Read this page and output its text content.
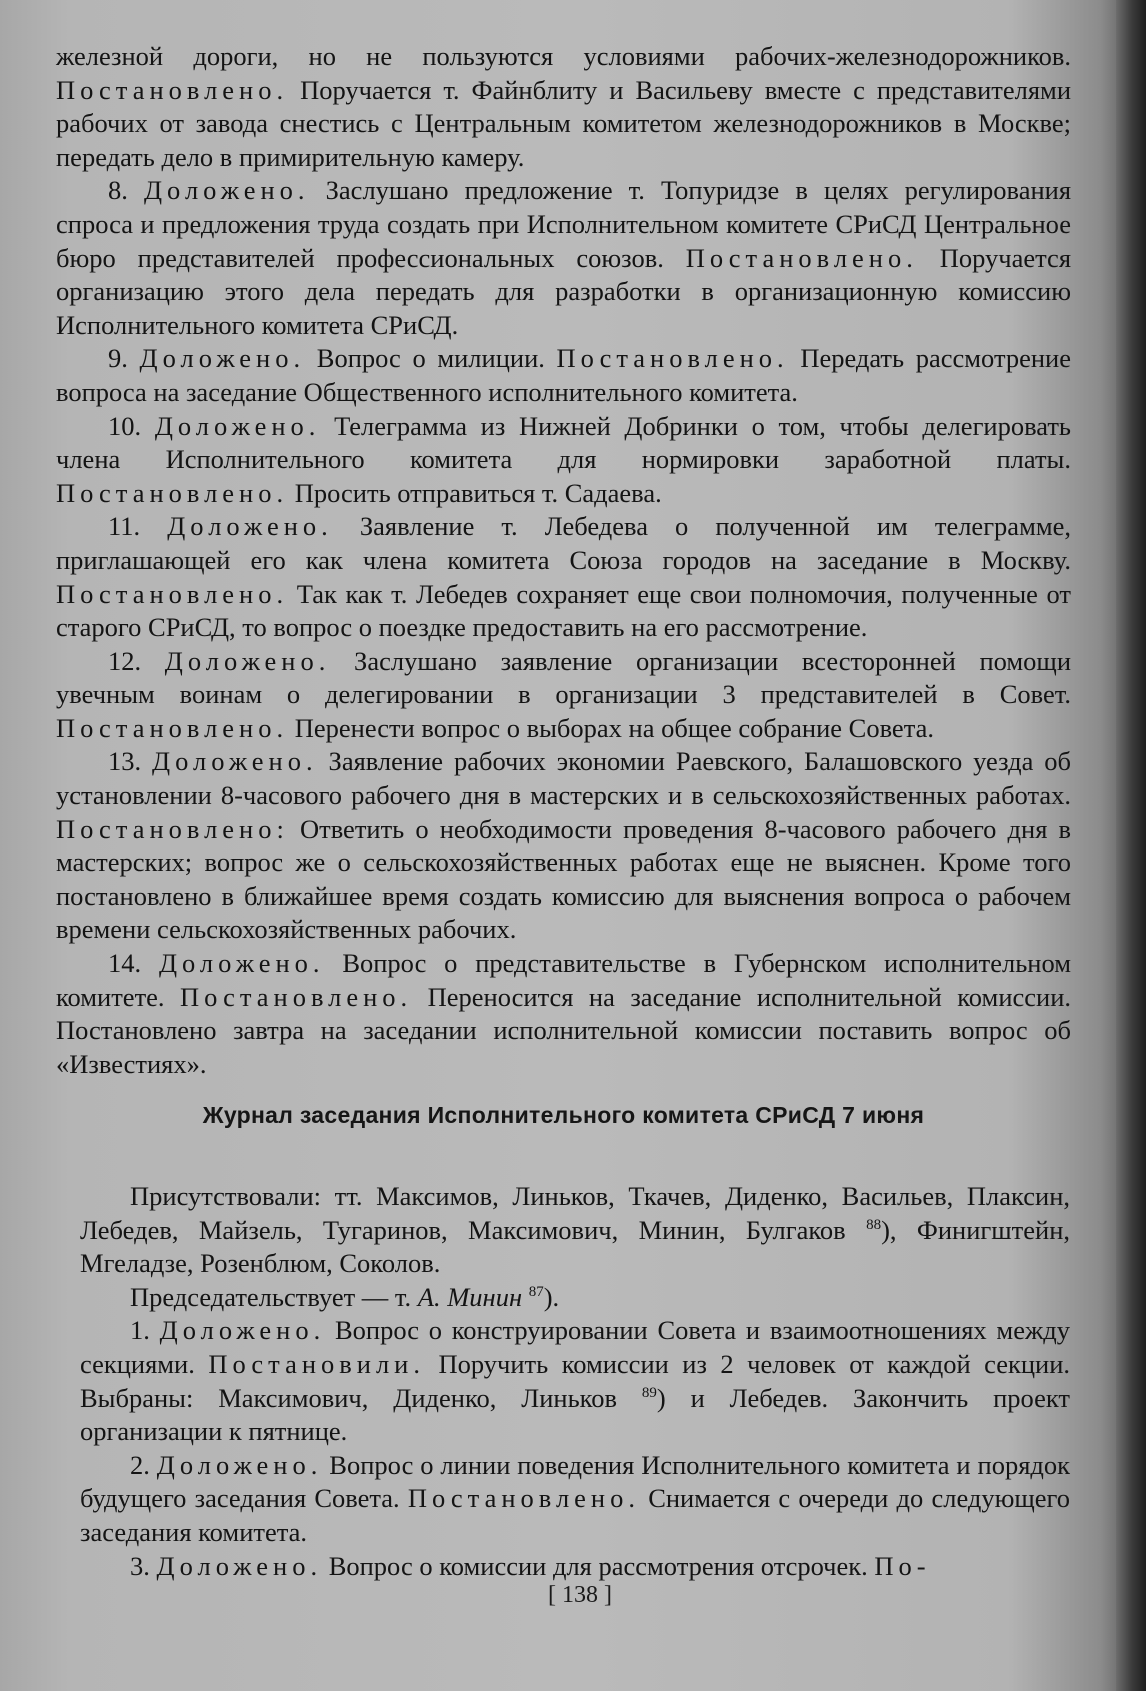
железной дороги, но не пользуются условиями рабочих-железнодорожников. Постановлено. Поручается т. Файнблиту и Васильеву вместе с представителями рабочих от завода снестись с Центральным комитетом железнодорожников в Москве; передать дело в примирительную камеру.

8. Доложено. Заслушано предложение т. Топуридзе в целях регулирования спроса и предложения труда создать при Исполнительном комитете СРиСД Центральное бюро представителей профессиональных союзов. Постановлено. Поручается организацию этого дела передать для разработки в организационную комиссию Исполнительного комитета СРиСД.

9. Доложено. Вопрос о милиции. Постановлено. Передать рассмотрение вопроса на заседание Общественного исполнительного комитета.

10. Доложено. Телеграмма из Нижней Добринки о том, чтобы делегировать члена Исполнительного комитета для нормировки заработной платы. Постановлено. Просить отправиться т. Садаева.

11. Доложено. Заявление т. Лебедева о полученной им телеграмме, приглашающей его как члена комитета Союза городов на заседание в Москву. Постановлено. Так как т. Лебедев сохраняет еще свои полномочия, полученные от старого СРиСД, то вопрос о поездке предоставить на его рассмотрение.

12. Доложено. Заслушано заявление организации всесторонней помощи увечным воинам о делегировании в организации 3 представителей в Совет. Постановлено. Перенести вопрос о выборах на общее собрание Совета.

13. Доложено. Заявление рабочих экономии Раевского, Балашовского уезда об установлении 8-часового рабочего дня в мастерских и в сельскохозяйственных работах. Постановлено: Ответить о необходимости проведения 8-часового рабочего дня в мастерских; вопрос же о сельскохозяйственных работах еще не выяснен. Кроме того постановлено в ближайшее время создать комиссию для выяснения вопроса о рабочем времени сельскохозяйственных рабочих.

14. Доложено. Вопрос о представительстве в Губернском исполнительном комитете. Постановлено. Переносится на заседание исполнительной комиссии. Постановлено завтра на заседании исполнительной комиссии поставить вопрос об «Известиях».

Журнал заседания Исполнительного комитета СРиСД 7 июня

Присутствовали: тт. Максимов, Линьков, Ткачев, Диденко, Васильев, Плаксин, Лебедев, Майзель, Тугаринов, Максимович, Минин, Булгаков $^{88}$), Финигштейн, Мгеладзе, Розенблюм, Соколов.

Председательствует — т. А. Минин $^{87}$).

1. Доложено. Вопрос о конструировании Совета и взаимоотношениях между секциями. Постановили. Поручить комиссии из 2 человек от каждой секции. Выбраны: Максимович, Диденко, Линьков $^{89}$) и Лебедев. Закончить проект организации к пятнице.

2. Доложено. Вопрос о линии поведения Исполнительного комитета и порядок будущего заседания Совета. Постановлено. Снимается с очереди до следующего заседания комитета.

3. Доложено. Вопрос о комиссии для рассмотрения отсрочек. По-

[ 138 ]
